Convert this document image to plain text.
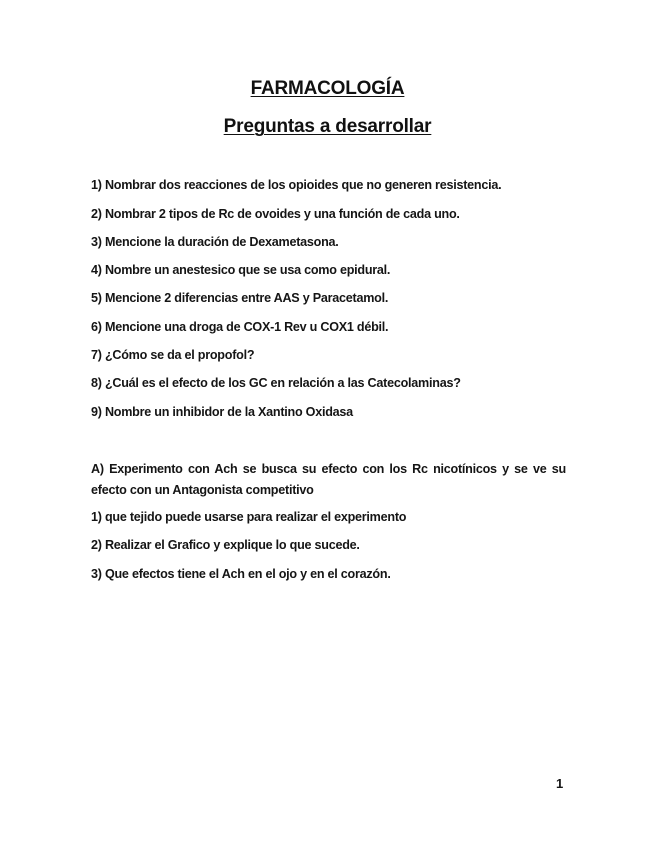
FARMACOLOGÍA
Preguntas a desarrollar
1) Nombrar dos reacciones de los opioides que no generen resistencia.
2) Nombrar 2 tipos de Rc de ovoides y una función de cada uno.
3) Mencione la duración de Dexametasona.
4) Nombre un anestesico que se usa como epidural.
5) Mencione 2 diferencias entre AAS y Paracetamol.
6) Mencione una droga de COX-1 Rev u COX1 débil.
7) ¿Cómo se da el propofol?
8) ¿Cuál es el efecto de los GC en relación a las Catecolaminas?
9) Nombre un inhibidor de la Xantino Oxidasa
A) Experimento con Ach se busca su efecto con los Rc nicotínicos y se ve su efecto con un Antagonista competitivo
1) que tejido puede usarse para realizar el experimento
2) Realizar el Grafico y explique lo que sucede.
3) Que efectos tiene el Ach en el ojo y en el corazón.
1
